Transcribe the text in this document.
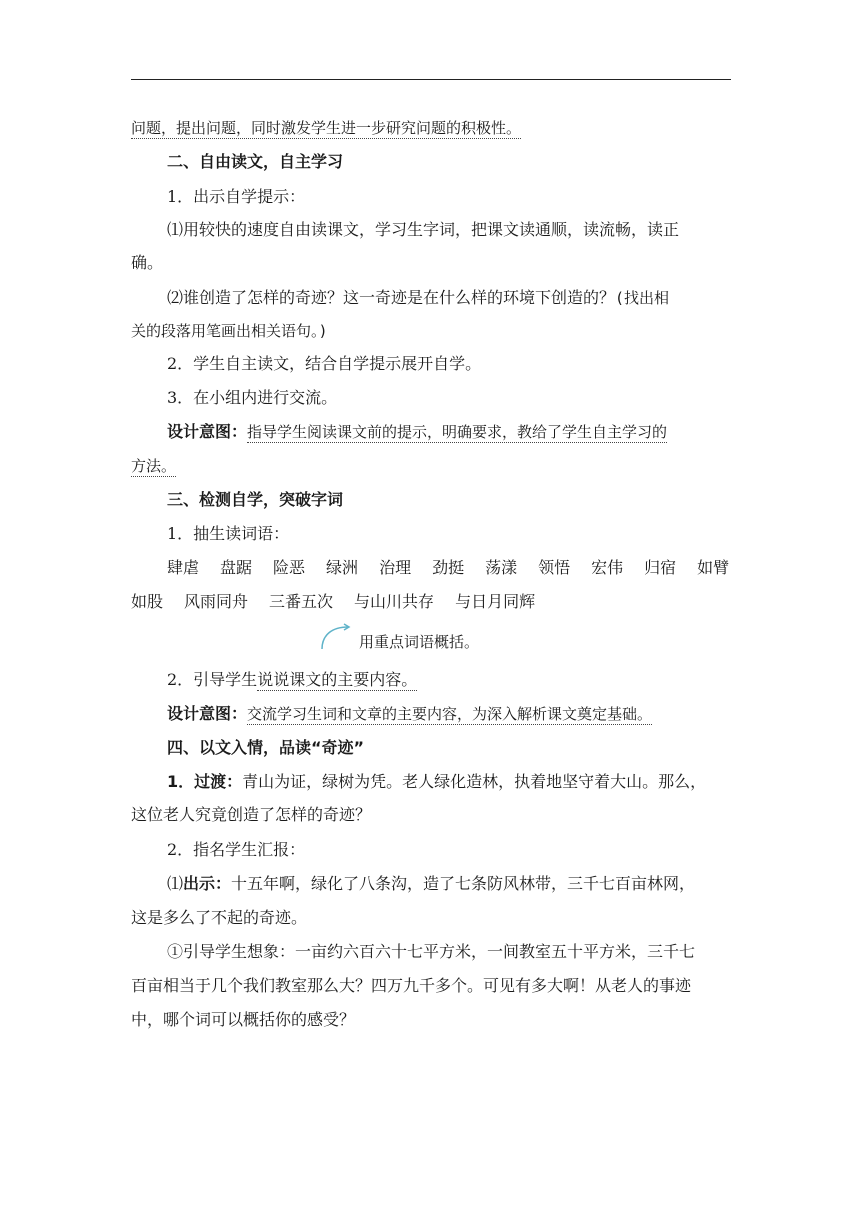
问题，提出问题，同时激发学生进一步研究问题的积极性。
二、自由读文，自主学习
1．出示自学提示：
⑴用较快的速度自由读课文，学习生字词，把课文读通顺，读流畅，读正
确。
⑵谁创造了怎样的奇迹？这一奇迹是在什么样的环境下创造的？(找出相
关的段落用笔画出相关语句。)
2．学生自主读文，结合自学提示展开自学。
3．在小组内进行交流。
设计意图：指导学生阅读课文前的提示，明确要求，教给了学生自主学习的
方法。
三、检测自学，突破字词
1．抽生读词语：
肆虐 盘踞 险恶 绿洲 治理 劲挺 荡漾 领悟 宏伟 归宿 如臂
如股 风雨同舟 三番五次 与山川共存 与日月同辉
用重点词语概括。
2．引导学生说说课文的主要内容。
设计意图：交流学习生词和文章的主要内容，为深入解析课文奠定基础。
四、以文入情，品读“奇迹”
1．过渡：青山为证，绿树为凭。老人绿化造林，执着地坚守着大山。那么，
这位老人究竟创造了怎样的奇迹？
2．指名学生汇报：
⑴出示：十五年啊，绿化了八条沟，造了七条防风林带，三千七百亩林网，
这是多么了不起的奇迹。
①引导学生想象：一亩约六百六十七平方米，一间教室五十平方米，三千七
百亩相当于几个我们教室那么大？四万九千多个。可见有多大啊！从老人的事迹
中，哪个词可以概括你的感受？
